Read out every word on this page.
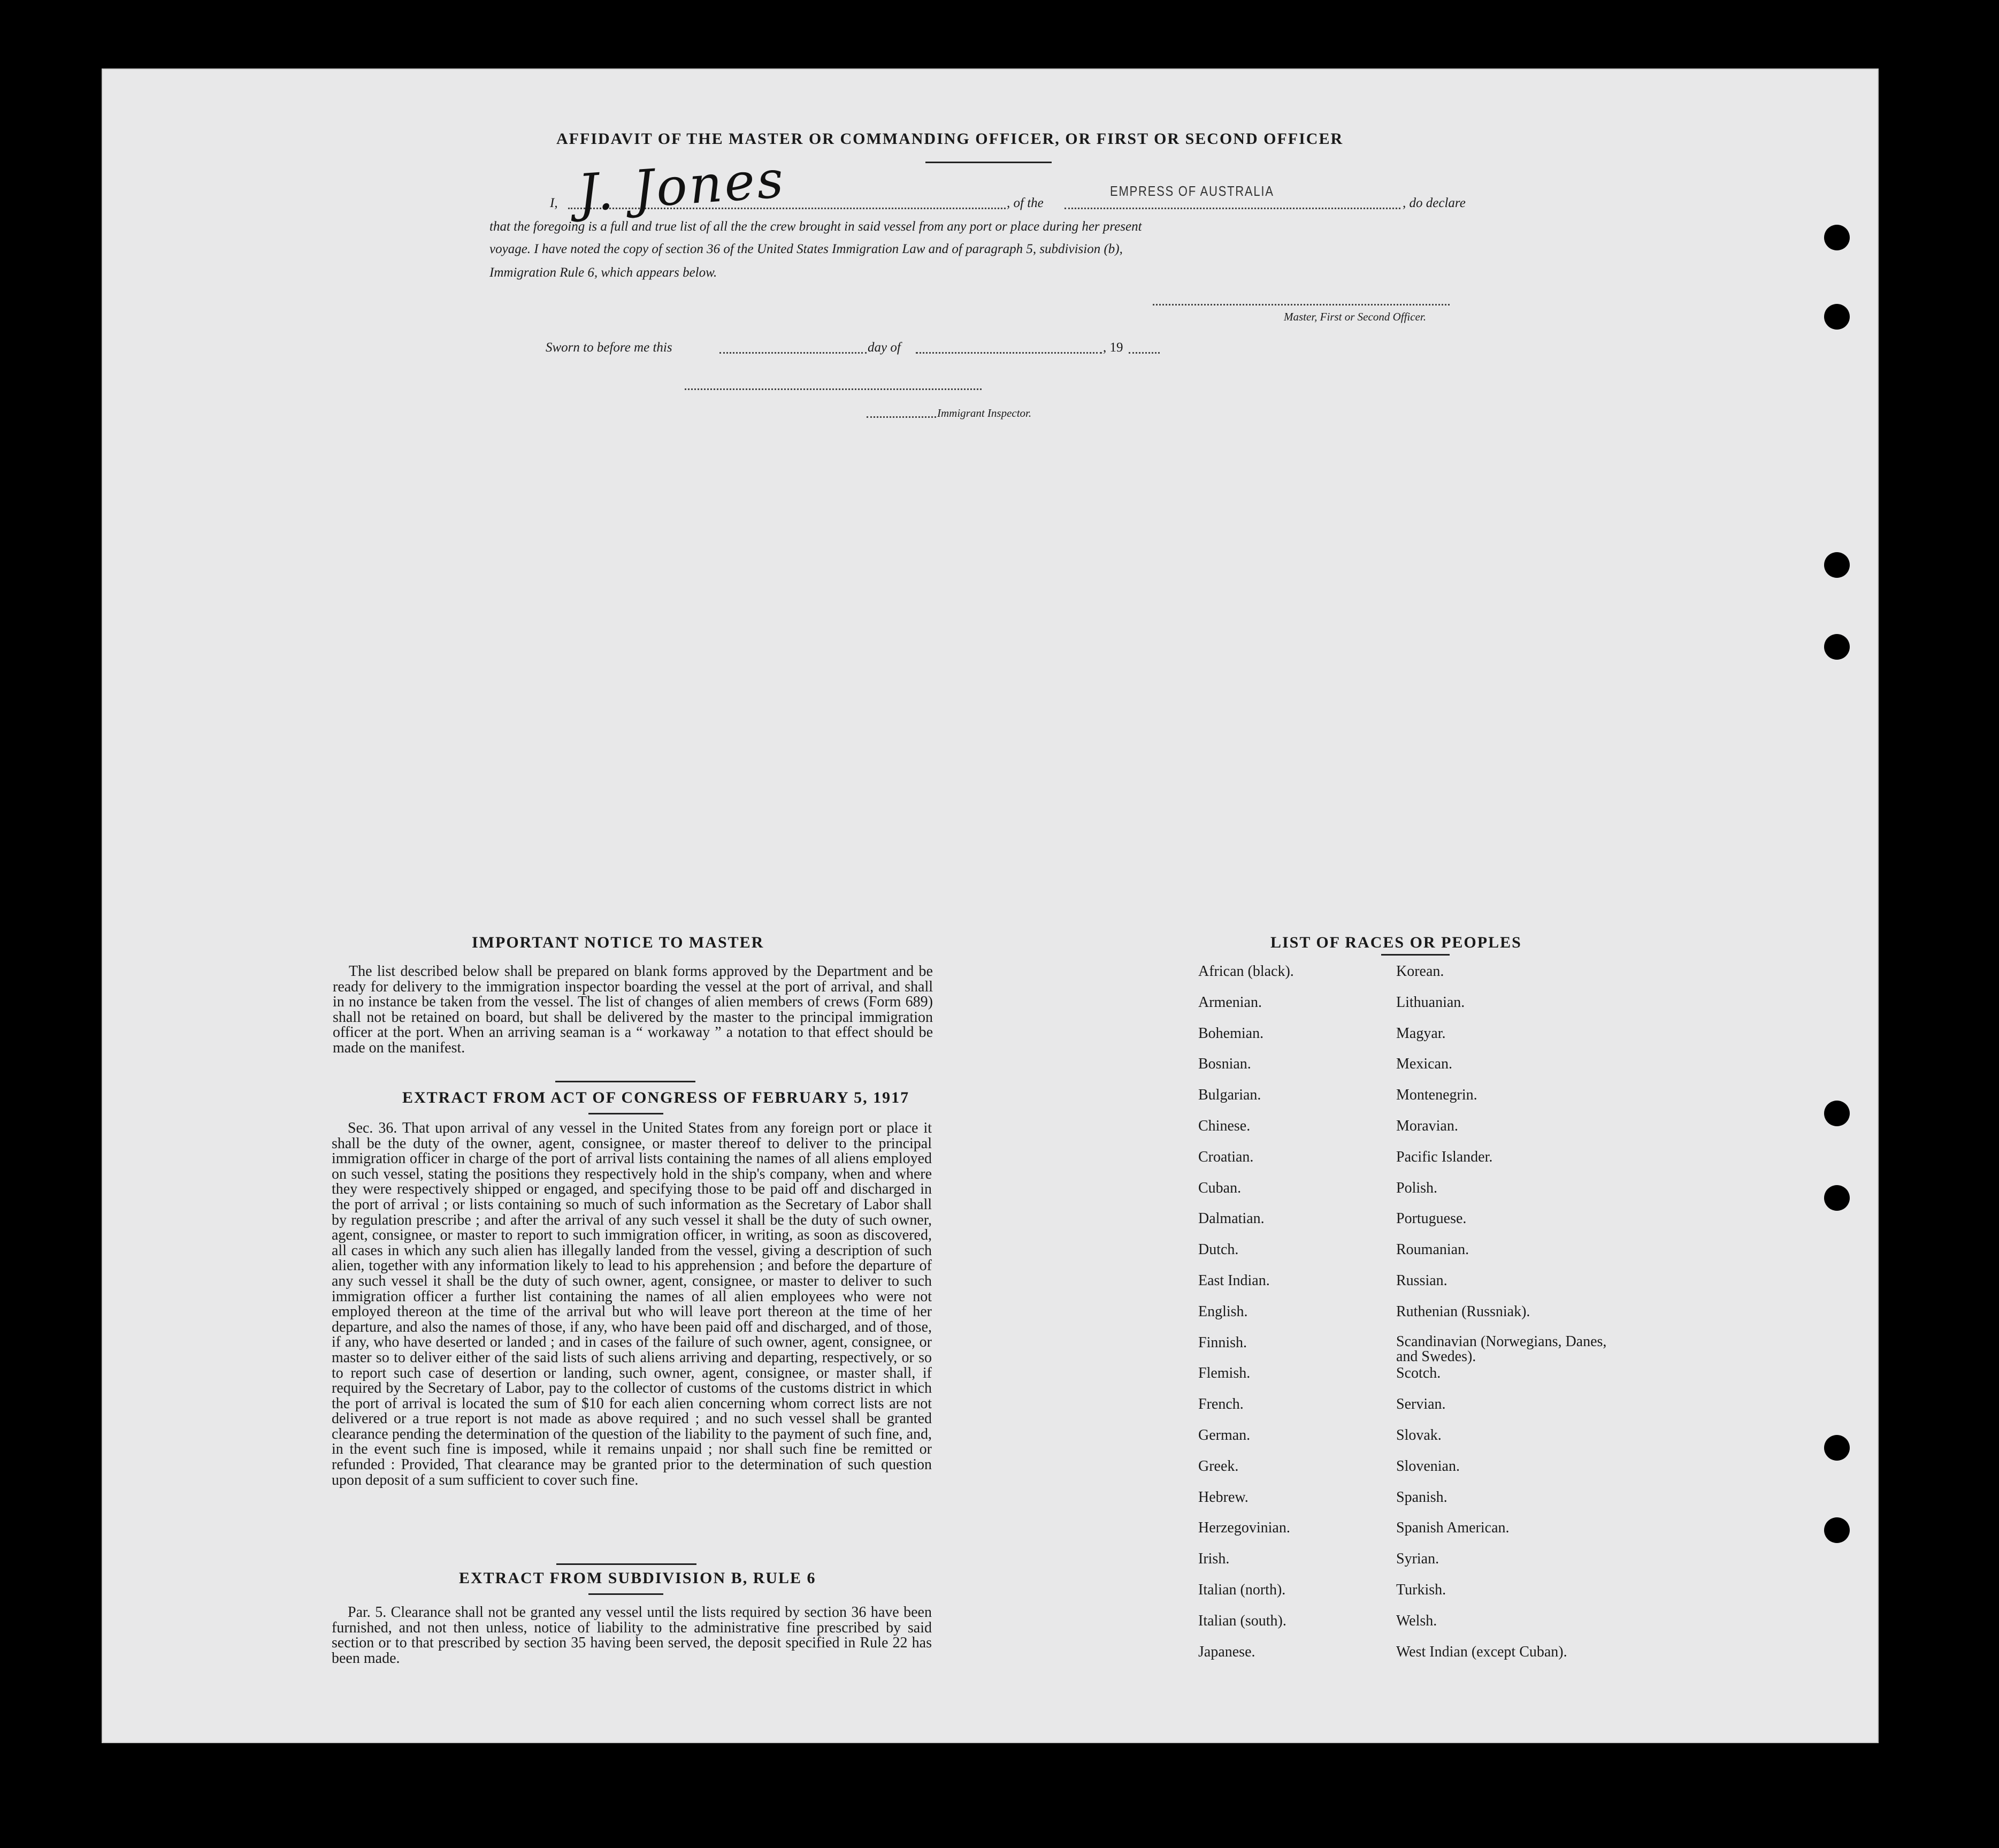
AFFIDAVIT OF THE MASTER OR COMMANDING OFFICER, OR FIRST OR SECOND OFFICER
I, J. Jones	, of the
EMPRESS OF AUSTRALIA
, do declare
that the foregoing is a full and true list of all the the crew brought in said vessel from any port or place during her present
voyage. I have noted the copy of section 36 of the United States Immigration Law and of paragraph 5, subdivision (b),
Immigration Rule 6, which appears below.
Master, First or Second Officer.
Sworn to before me this	day of	, 19
Immigrant Inspector.
IMPORTANT NOTICE TO MASTER

The list described below shall be prepared on blank forms approved by the Department and be ready for delivery to the immigration inspector boarding the vessel at the port of arrival, and shall in no instance be taken from the vessel. The list of changes of alien members of crews (Form 689) shall not be retained on board, but shall be delivered by the master to the principal immigration officer at the port. When an arriving seaman is a “ workaway ” a notation to that effect should be made on the manifest.

EXTRACT FROM ACT OF CONGRESS OF FEBRUARY 5, 1917

Sec. 36. That upon arrival of any vessel in the United States from any foreign port or place it shall be the duty of the owner, agent, consignee, or master thereof to deliver to the principal immigration officer in charge of the port of arrival lists containing the names of all aliens employed on such vessel, stating the positions they respectively hold in the ship's company, when and where they were respectively shipped or engaged, and specifying those to be paid off and discharged in the port of arrival ; or lists containing so much of such information as the Secretary of Labor shall by regulation prescribe ; and after the arrival of any such vessel it shall be the duty of such owner, agent, consignee, or master to report to such immigration officer, in writing, as soon as discovered, all cases in which any such alien has illegally landed from the vessel, giving a description of such alien, together with any information likely to lead to his apprehension ; and before the departure of any such vessel it shall be the duty of such owner, agent, consignee, or master to deliver to such immigration officer a further list containing the names of all alien employees who were not employed thereon at the time of the arrival but who will leave port thereon at the time of her departure, and also the names of those, if any, who have been paid off and discharged, and of those, if any, who have deserted or landed ; and in cases of the failure of such owner, agent, consignee, or master so to deliver either of the said lists of such aliens arriving and departing, respectively, or so to report such case of desertion or landing, such owner, agent, consignee, or master shall, if required by the Secretary of Labor, pay to the collector of customs of the customs district in which the port of arrival is located the sum of $10 for each alien concerning whom correct lists are not delivered or a true report is not made as above required ; and no such vessel shall be granted clearance pending the determination of the question of the liability to the payment of such fine, and, in the event such fine is imposed, while it remains unpaid ; nor shall such fine be remitted or refunded : Provided, That clearance may be granted prior to the determination of such question upon deposit of a sum sufficient to cover such fine.

EXTRACT FROM SUBDIVISION B, RULE 6

Par. 5. Clearance shall not be granted any vessel until the lists required by section 36 have been furnished, and not then unless, notice of liability to the administrative fine prescribed by said section or to that prescribed by section 35 having been served, the deposit specified in Rule 22 has been made.

LIST OF RACES OR PEOPLES
African (black).
Armenian.
Bohemian.
Bosnian.
Bulgarian.
Chinese.
Croatian.
Cuban.
Dalmatian.
Dutch.
East Indian.
English.
Finnish.
Flemish.
French.
German.
Greek.
Hebrew.
Herzegovinian.
Irish.
Italian (north).
Italian (south).
Japanese.
Korean.
Lithuanian.
Magyar.
Mexican.
Montenegrin.
Moravian.
Pacific Islander.
Polish.
Portuguese.
Roumanian.
Russian.
Ruthenian (Russniak).
Scandinavian (Norwegians, Danes, and Swedes).
Scotch.
Servian.
Slovak.
Slovenian.
Spanish.
Spanish American.
Syrian.
Turkish.
Welsh.
West Indian (except Cuban).
